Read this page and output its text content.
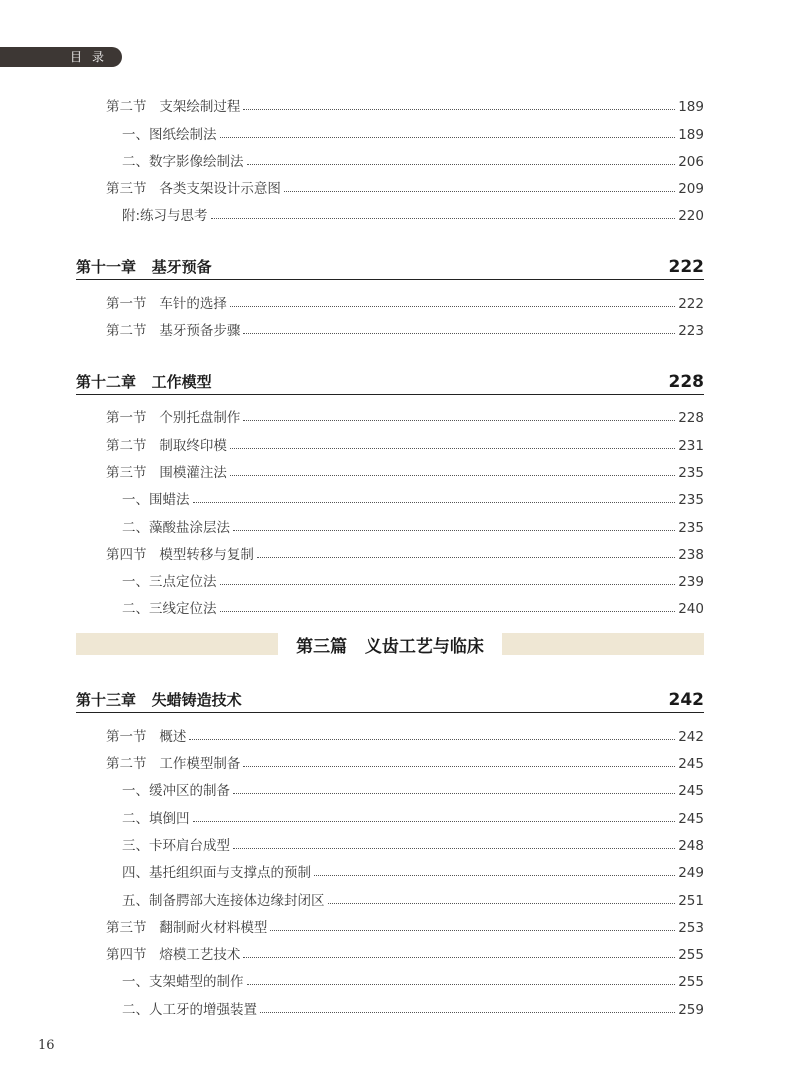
目录
第二节   支架绘制过程	189
一、图纸绘制法	189
二、数字影像绘制法	206
第三节   各类支架设计示意图	209
附:练习与思考	220
第十一章   基牙预备	222
第一节   车针的选择	222
第二节   基牙预备步骤	223
第十二章   工作模型	228
第一节   个别托盘制作	228
第二节   制取终印模	231
第三节   围模灌注法	235
一、围蜡法	235
二、藻酸盐涂层法	235
第四节   模型转移与复制	238
一、三点定位法	239
二、三线定位法	240
第三篇   义齿工艺与临床
第十三章   失蜡铸造技术	242
第一节   概述	242
第二节   工作模型制备	245
一、缓冲区的制备	245
二、填倒凹	245
三、卡环肩台成型	248
四、基托组织面与支撑点的预制	249
五、制备腭部大连接体边缘封闭区	251
第三节   翻制耐火材料模型	253
第四节   熔模工艺技术	255
一、支架蜡型的制作	255
二、人工牙的增强装置	259
16
